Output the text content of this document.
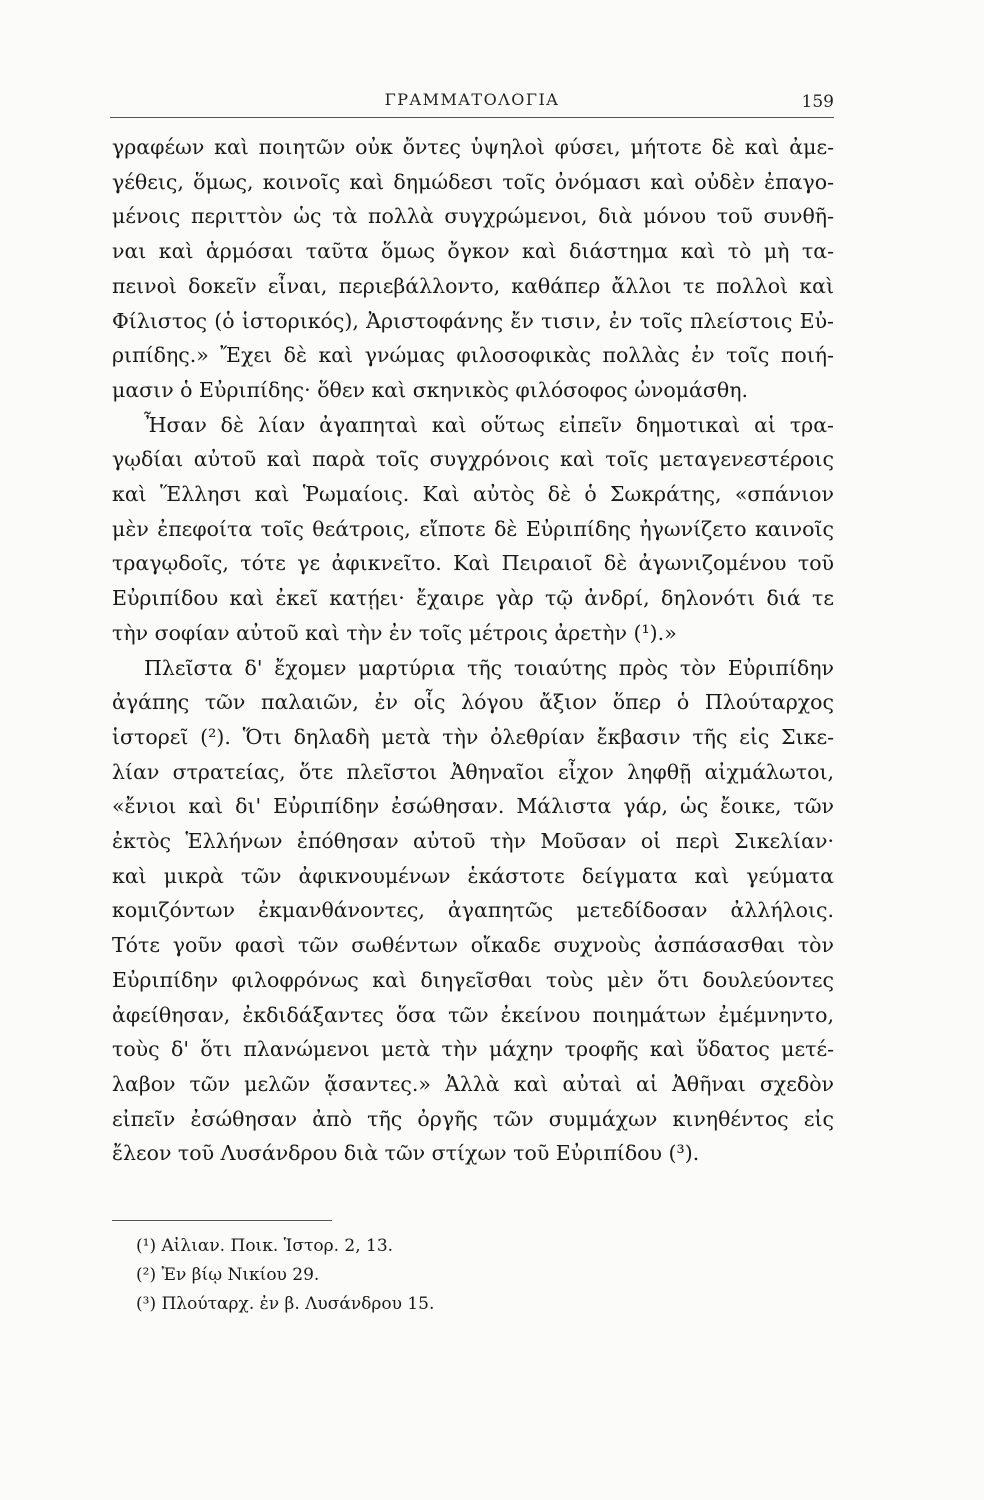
ΓΡΑΜΜΑΤΟΛΟΓΙΑ	159
γραφέων καὶ ποιητῶν οὐκ ὄντες ὑψηλοὶ φύσει, μήτοτε δὲ καὶ ἀμε-
γέθεις, ὅμως, κοινοῖς καὶ δημώδεσι τοῖς ὀνόμασι καὶ οὐδὲν ἐπαγο-
μένοις περιττὸν ὡς τὰ πολλὰ συγχρώμενοι, διὰ μόνου τοῦ συνθῆ-
ναι καὶ ἁρμόσαι ταῦτα ὅμως ὄγκον καὶ διάστημα καὶ τὸ μὴ τα-
πεινοὶ δοκεῖν εἶναι, περιεβάλλοντο, καθάπερ ἄλλοι τε πολλοὶ καὶ
Φίλιστος (ὁ ἱστορικός), Ἀριστοφάνης ἔν τισιν, ἐν τοῖς πλείστοις Εὐ-
ριπίδης.» Ἔχει δὲ καὶ γνώμας φιλοσοφικὰς πολλὰς ἐν τοῖς ποιή-
μασιν ὁ Εὐριπίδης· ὅθεν καὶ σκηνικὸς φιλόσοφος ὠνομάσθη.
Ἦσαν δὲ λίαν ἀγαπηταὶ καὶ οὕτως εἰπεῖν δημοτικαὶ αἱ τρα-
γῳδίαι αὐτοῦ καὶ παρὰ τοῖς συγχρόνοις καὶ τοῖς μεταγενεστέροις
καὶ Ἕλλησι καὶ Ῥωμαίοις. Καὶ αὐτὸς δὲ ὁ Σωκράτης, «σπάνιον
μὲν ἐπεφοίτα τοῖς θεάτροις, εἴποτε δὲ Εὐριπίδης ἠγωνίζετο καινοῖς
τραγῳδοῖς, τότε γε ἀφικνεῖτο. Καὶ Πειραιοῖ δὲ ἀγωνιζομένου τοῦ
Εὐριπίδου καὶ ἐκεῖ κατῄει· ἔχαιρε γὰρ τῷ ἀνδρί, δηλονότι διά τε
τὴν σοφίαν αὐτοῦ καὶ τὴν ἐν τοῖς μέτροις ἀρετὴν (¹).»
Πλεῖστα δ' ἔχομεν μαρτύρια τῆς τοιαύτης πρὸς τὸν Εὐριπίδην
ἀγάπης τῶν παλαιῶν, ἐν οἷς λόγου ἄξιον ὅπερ ὁ Πλούταρχος
ἱστορεῖ (²). Ὅτι δηλαδὴ μετὰ τὴν ὀλεθρίαν ἔκβασιν τῆς εἰς Σικε-
λίαν στρατείας, ὅτε πλεῖστοι Ἀθηναῖοι εἶχον ληφθῇ αἰχμάλωτοι,
«ἔνιοι καὶ δι' Εὐριπίδην ἐσώθησαν. Μάλιστα γάρ, ὡς ἔοικε, τῶν
ἐκτὸς Ἑλλήνων ἐπόθησαν αὐτοῦ τὴν Μοῦσαν οἱ περὶ Σικελίαν·
καὶ μικρὰ τῶν ἀφικνουμένων ἑκάστοτε δείγματα καὶ γεύματα
κομιζόντων ἐκμανθάνοντες, ἀγαπητῶς μετεδίδοσαν ἀλλήλοις.
Τότε γοῦν φασὶ τῶν σωθέντων οἴκαδε συχνοὺς ἀσπάσασθαι τὸν
Εὐριπίδην φιλοφρόνως καὶ διηγεῖσθαι τοὺς μὲν ὅτι δουλεύοντες
ἀφείθησαν, ἐκδιδάξαντες ὅσα τῶν ἐκείνου ποιημάτων ἐμέμνηντο,
τοὺς δ' ὅτι πλανώμενοι μετὰ τὴν μάχην τροφῆς καὶ ὕδατος μετέ-
λαβον τῶν μελῶν ᾄσαντες.» Ἀλλὰ καὶ αὐταὶ αἱ Ἀθῆναι σχεδὸν
εἰπεῖν ἐσώθησαν ἀπὸ τῆς ὀργῆς τῶν συμμάχων κινηθέντος εἰς
ἔλεον τοῦ Λυσάνδρου διὰ τῶν στίχων τοῦ Εὐριπίδου (³).
(¹) Αἰλιαν. Ποικ. Ἱστορ. 2, 13.
(²) Ἐν βίῳ Νικίου 29.
(³) Πλούταρχ. ἐν β. Λυσάνδρου 15.
